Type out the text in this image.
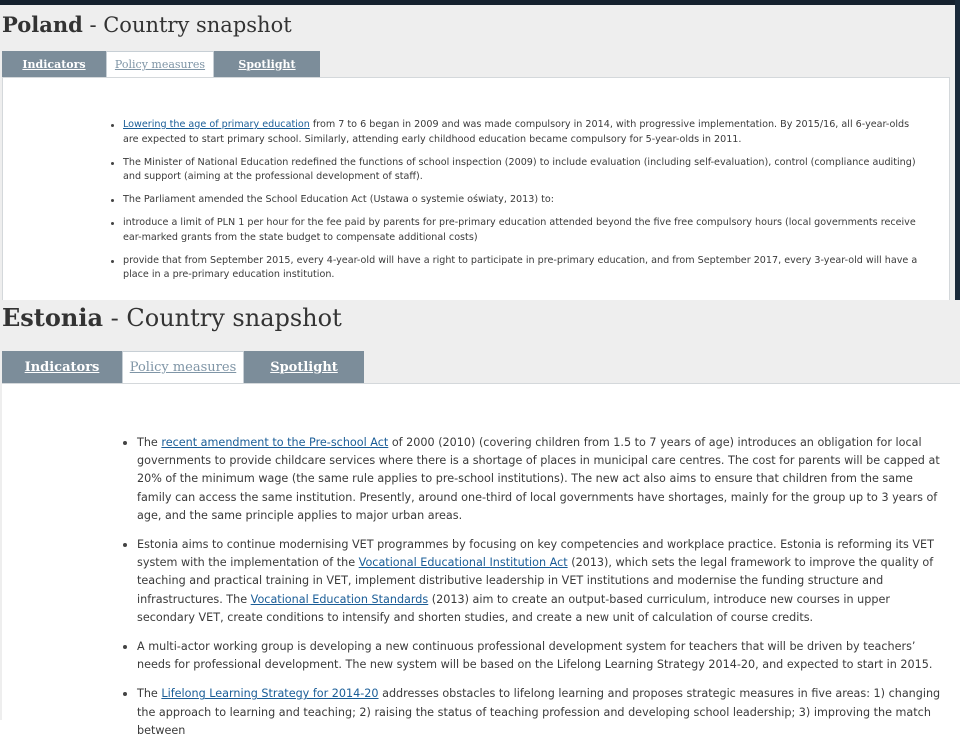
Poland - Country snapshot
Indicators	Policy measures	Spotlight
Lowering the age of primary education from 7 to 6 began in 2009 and was made compulsory in 2014, with progressive implementation. By 2015/16, all 6-year-olds are expected to start primary school. Similarly, attending early childhood education became compulsory for 5-year-olds in 2011.
The Minister of National Education redefined the functions of school inspection (2009) to include evaluation (including self-evaluation), control (compliance auditing) and support (aiming at the professional development of staff).
The Parliament amended the School Education Act (Ustawa o systemie oświaty, 2013) to:
introduce a limit of PLN 1 per hour for the fee paid by parents for pre-primary education attended beyond the five free compulsory hours (local governments receive ear-marked grants from the state budget to compensate additional costs)
provide that from September 2015, every 4-year-old will have a right to participate in pre-primary education, and from September 2017, every 3-year-old will have a place in a pre-primary education institution.
Estonia - Country snapshot
Indicators	Policy measures	Spotlight
The recent amendment to the Pre-school Act of 2000 (2010) (covering children from 1.5 to 7 years of age) introduces an obligation for local governments to provide childcare services where there is a shortage of places in municipal care centres. The cost for parents will be capped at 20% of the minimum wage (the same rule applies to pre-school institutions). The new act also aims to ensure that children from the same family can access the same institution. Presently, around one-third of local governments have shortages, mainly for the group up to 3 years of age, and the same principle applies to major urban areas.
Estonia aims to continue modernising VET programmes by focusing on key competencies and workplace practice. Estonia is reforming its VET system with the implementation of the Vocational Educational Institution Act (2013), which sets the legal framework to improve the quality of teaching and practical training in VET, implement distributive leadership in VET institutions and modernise the funding structure and infrastructures. The Vocational Education Standards (2013) aim to create an output-based curriculum, introduce new courses in upper secondary VET, create conditions to intensify and shorten studies, and create a new unit of calculation of course credits.
A multi-actor working group is developing a new continuous professional development system for teachers that will be driven by teachers’ needs for professional development. The new system will be based on the Lifelong Learning Strategy 2014-20, and expected to start in 2015.
The Lifelong Learning Strategy for 2014-20 addresses obstacles to lifelong learning and proposes strategic measures in five areas: 1) changing the approach to learning and teaching; 2) raising the status of teaching profession and developing school leadership; 3) improving the match between
